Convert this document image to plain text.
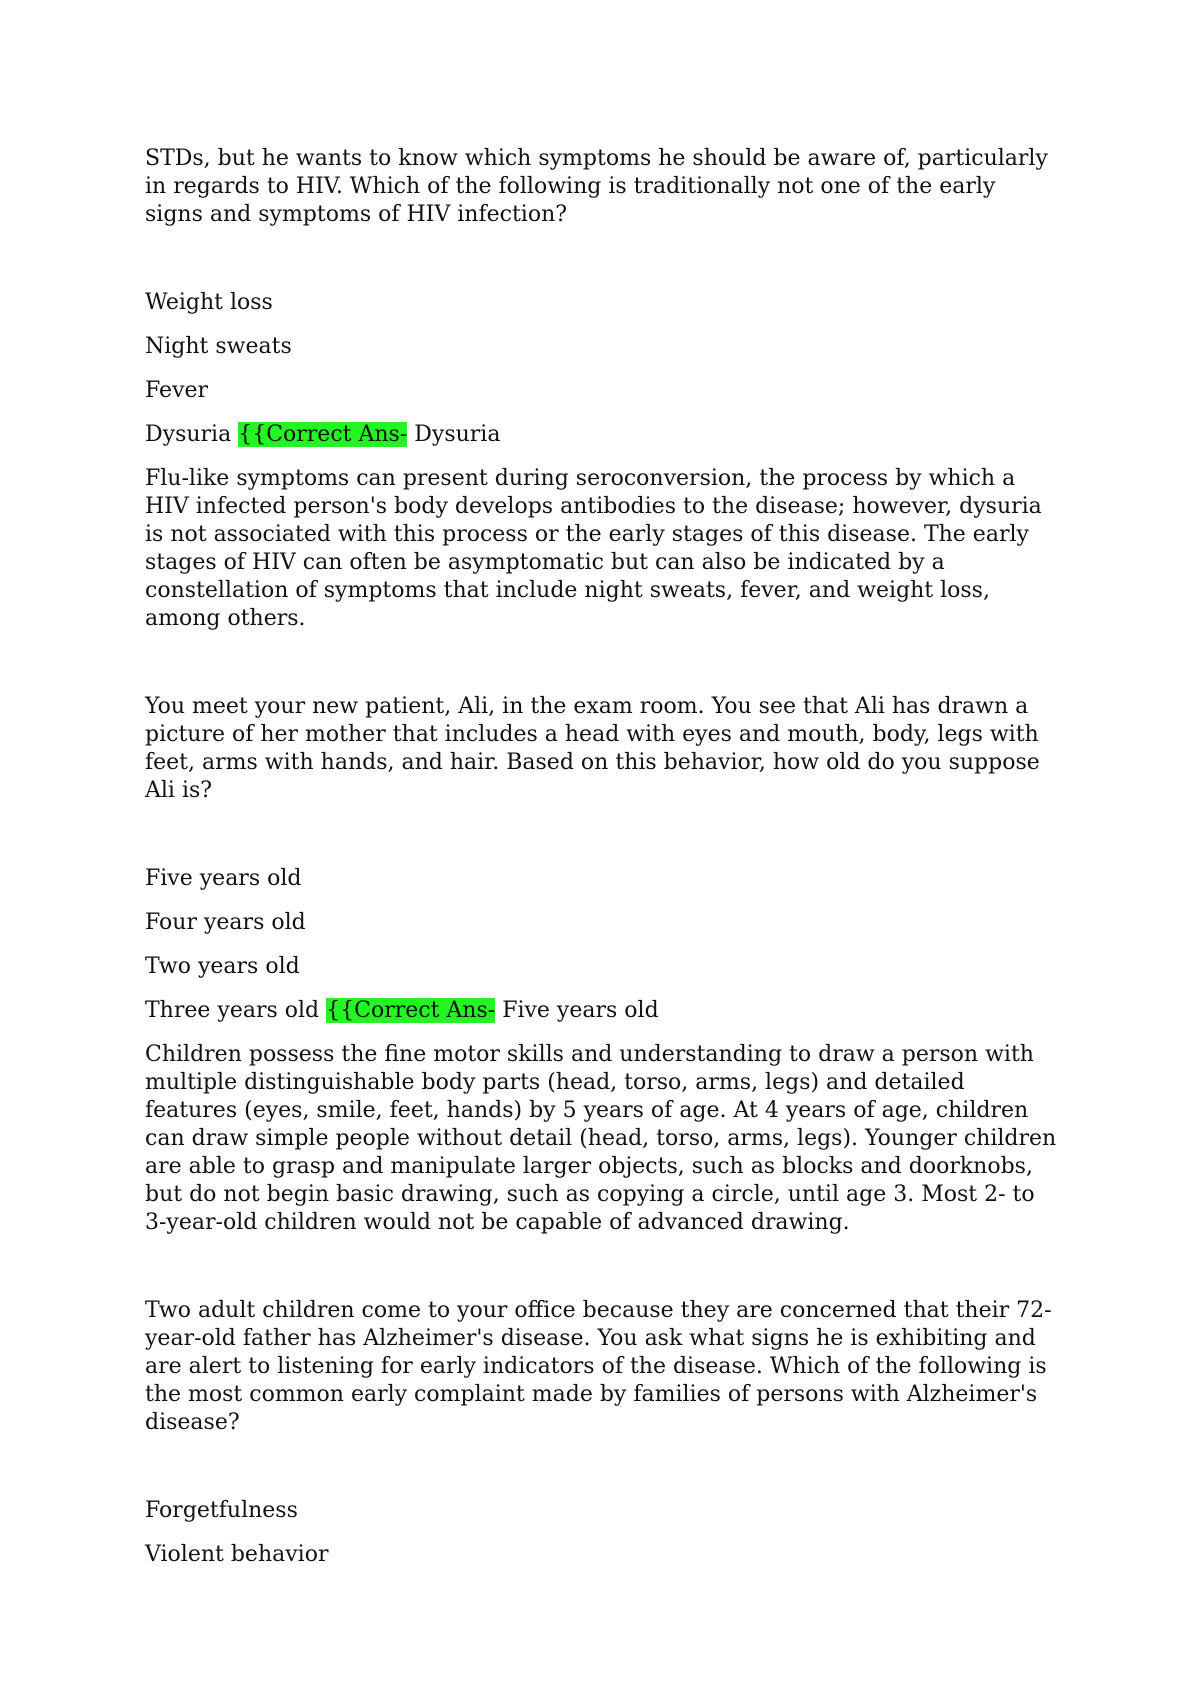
STDs, but he wants to know which symptoms he should be aware of, particularly in regards to HIV. Which of the following is traditionally not one of the early signs and symptoms of HIV infection?

Weight loss

Night sweats

Fever

Dysuria {{Correct Ans- Dysuria

Flu-like symptoms can present during seroconversion, the process by which a HIV infected person's body develops antibodies to the disease; however, dysuria is not associated with this process or the early stages of this disease. The early stages of HIV can often be asymptomatic but can also be indicated by a constellation of symptoms that include night sweats, fever, and weight loss, among others.

You meet your new patient, Ali, in the exam room. You see that Ali has drawn a picture of her mother that includes a head with eyes and mouth, body, legs with feet, arms with hands, and hair. Based on this behavior, how old do you suppose Ali is?

Five years old

Four years old

Two years old

Three years old {{Correct Ans- Five years old

Children possess the fine motor skills and understanding to draw a person with multiple distinguishable body parts (head, torso, arms, legs) and detailed features (eyes, smile, feet, hands) by 5 years of age. At 4 years of age, children can draw simple people without detail (head, torso, arms, legs). Younger children are able to grasp and manipulate larger objects, such as blocks and doorknobs, but do not begin basic drawing, such as copying a circle, until age 3. Most 2- to 3-year-old children would not be capable of advanced drawing.

Two adult children come to your office because they are concerned that their 72-year-old father has Alzheimer's disease. You ask what signs he is exhibiting and are alert to listening for early indicators of the disease. Which of the following is the most common early complaint made by families of persons with Alzheimer's disease?

Forgetfulness

Violent behavior
